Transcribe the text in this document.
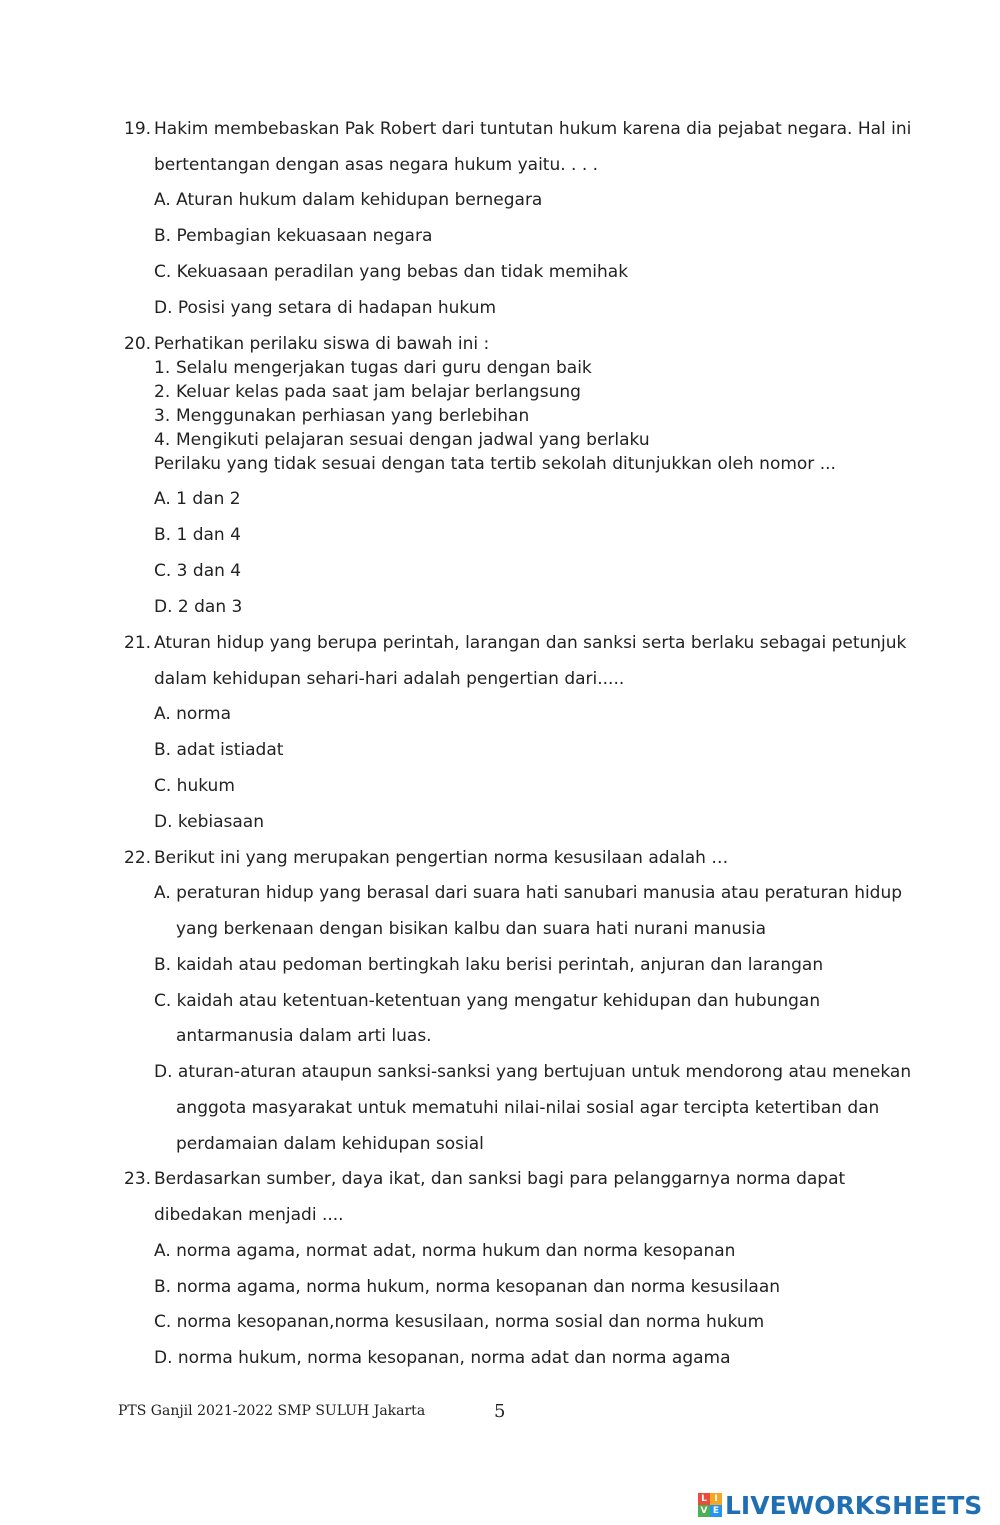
19. Hakim membebaskan Pak Robert dari tuntutan hukum karena dia pejabat negara. Hal ini
bertentangan dengan asas negara hukum yaitu. . . .
A. Aturan hukum dalam kehidupan bernegara
B. Pembagian kekuasaan negara
C. Kekuasaan peradilan yang bebas dan tidak memihak
D. Posisi yang setara di hadapan hukum
20. Perhatikan perilaku siswa di bawah ini :
1. Selalu mengerjakan tugas dari guru dengan baik
2. Keluar kelas pada saat jam belajar berlangsung
3. Menggunakan perhiasan yang berlebihan
4. Mengikuti pelajaran sesuai dengan jadwal yang berlaku
Perilaku yang tidak sesuai dengan tata tertib sekolah ditunjukkan oleh nomor ...
A. 1 dan 2
B. 1 dan 4
C. 3 dan 4
D. 2 dan 3
21. Aturan hidup yang berupa perintah, larangan dan sanksi serta berlaku sebagai petunjuk
dalam kehidupan sehari-hari adalah pengertian dari.....
A. norma
B. adat istiadat
C. hukum
D. kebiasaan
22. Berikut ini yang merupakan pengertian norma kesusilaan adalah …
A. peraturan hidup yang berasal dari suara hati sanubari manusia atau peraturan hidup
yang berkenaan dengan bisikan kalbu dan suara hati nurani manusia
B. kaidah atau pedoman bertingkah laku berisi perintah, anjuran dan larangan
C. kaidah atau ketentuan-ketentuan yang mengatur kehidupan dan hubungan
antarmanusia dalam arti luas.
D. aturan-aturan ataupun sanksi-sanksi yang bertujuan untuk mendorong atau menekan
anggota masyarakat untuk mematuhi nilai-nilai sosial agar tercipta ketertiban dan
perdamaian dalam kehidupan sosial
23. Berdasarkan sumber, daya ikat, dan sanksi bagi para pelanggarnya norma dapat
dibedakan menjadi ....
A. norma agama, normat adat, norma hukum dan norma kesopanan
B. norma agama, norma hukum, norma kesopanan dan norma kesusilaan
C. norma kesopanan,norma kesusilaan, norma sosial dan norma hukum
D. norma hukum, norma kesopanan, norma adat dan norma agama
PTS Ganjil 2021-2022 SMP SULUH Jakarta	5
L I
V E LIVEWORKSHEETS
